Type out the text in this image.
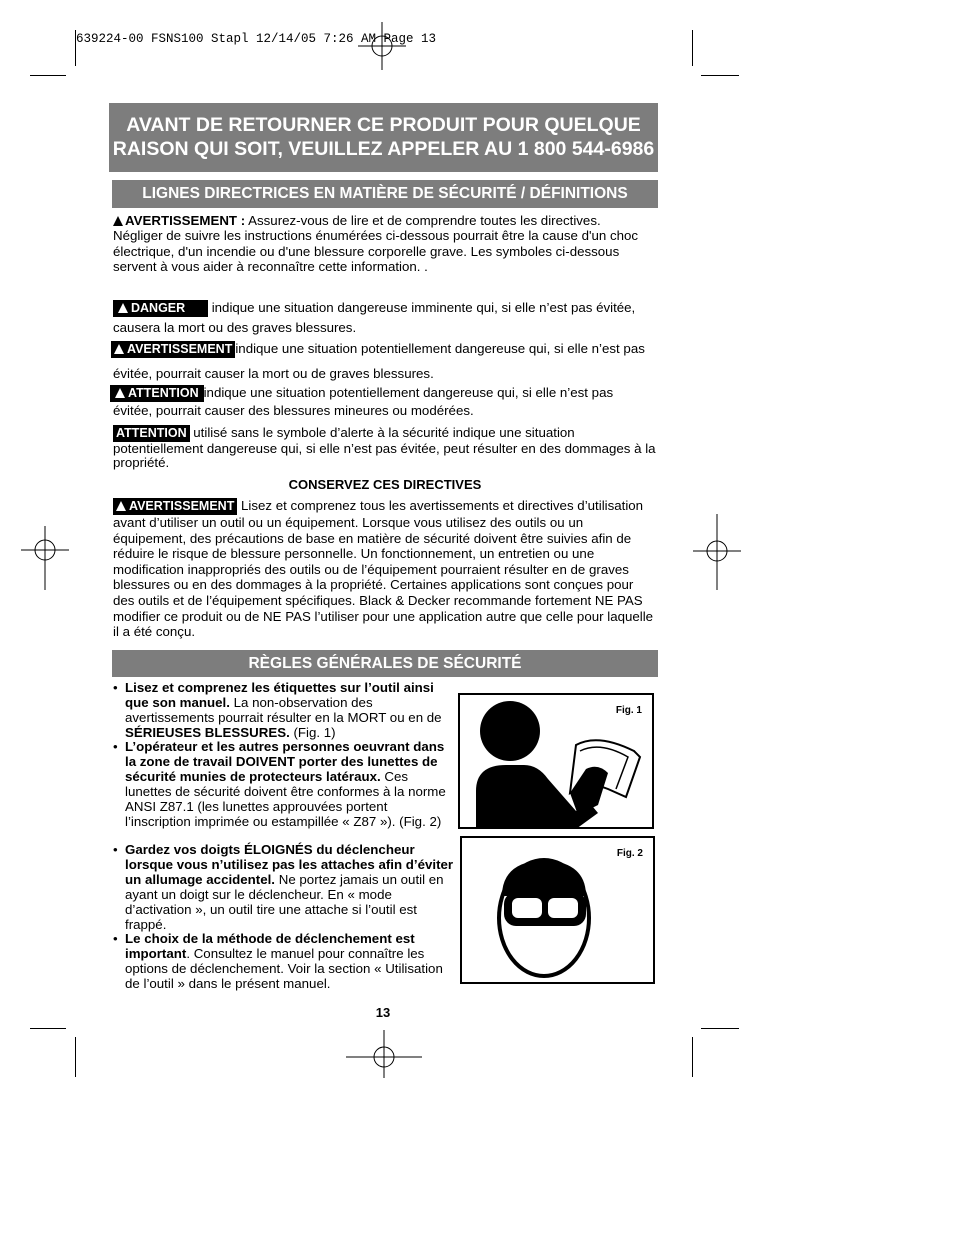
639224-00 FSNS100 Stapl 12/14/05 7:26 AM Page 13
AVANT DE RETOURNER CE PRODUIT POUR QUELQUE
RAISON QUI SOIT, VEUILLEZ APPELER AU 1 800 544-6986
LIGNES DIRECTRICES EN MATIÈRE DE SÉCURITÉ / DÉFINITIONS
AVERTISSEMENT : Assurez-vous de lire et de comprendre toutes les directives. Négliger de suivre les instructions énumérées ci-dessous pourrait être la cause d'un choc électrique, d'un incendie ou d'une blessure corporelle grave. Les symboles ci-dessous servent à vous aider à reconnaître cette information. .
DANGER indique une situation dangereuse imminente qui, si elle n’est pas évitée,
causera la mort ou des graves blessures.
AVERTISSEMENT indique une situation potentiellement dangereuse qui, si elle n’est pas
évitée, pourrait causer la mort ou de graves blessures.
ATTENTION indique une situation potentiellement dangereuse qui, si elle n’est pas
évitée, pourrait causer des blessures mineures ou modérées.
ATTENTION utilisé sans le symbole d’alerte à la sécurité indique une situation potentiellement dangereuse qui, si elle n’est pas évitée, peut résulter en des dommages à la propriété.
CONSERVEZ CES DIRECTIVES
AVERTISSEMENT Lisez et comprenez tous les avertissements et directives d’utilisation avant d’utiliser un outil ou un équipement. Lorsque vous utilisez des outils ou un équipement, des précautions de base en matière de sécurité doivent être suivies afin de réduire le risque de blessure personnelle. Un fonctionnement, un entretien ou une modification inappropriés des outils ou de l’équipement pourraient résulter en de graves blessures ou en des dommages à la propriété. Certaines applications sont conçues pour des outils et de l’équipement spécifiques. Black & Decker recommande fortement NE PAS modifier ce produit ou de NE PAS l’utiliser pour une application autre que celle pour laquelle il a été conçu.
RÈGLES GÉNÉRALES DE SÉCURITÉ
• Lisez et comprenez les étiquettes sur l’outil ainsi que son manuel. La non-observation des avertissements pourrait résulter en la MORT ou en de SÉRIEUSES BLESSURES. (Fig. 1)
• L’opérateur et les autres personnes oeuvrant dans la zone de travail DOIVENT porter des lunettes de sécurité munies de protecteurs latéraux. Ces lunettes de sécurité doivent être conformes à la norme ANSI Z87.1 (les lunettes approuvées portent l’inscription imprimée ou estampillée « Z87 »). (Fig. 2)
• Gardez vos doigts ÉLOIGNÉS du déclencheur lorsque vous n’utilisez pas les attaches afin d’éviter un allumage accidentel. Ne portez jamais un outil en ayant un doigt sur le déclencheur. En « mode d’activation », un outil tire une attache si l’outil est frappé.
• Le choix de la méthode de déclenchement est important. Consultez le manuel pour connaître les options de déclenchement. Voir la section « Utilisation de l’outil » dans le présent manuel.
Fig. 1
Fig. 2
13
